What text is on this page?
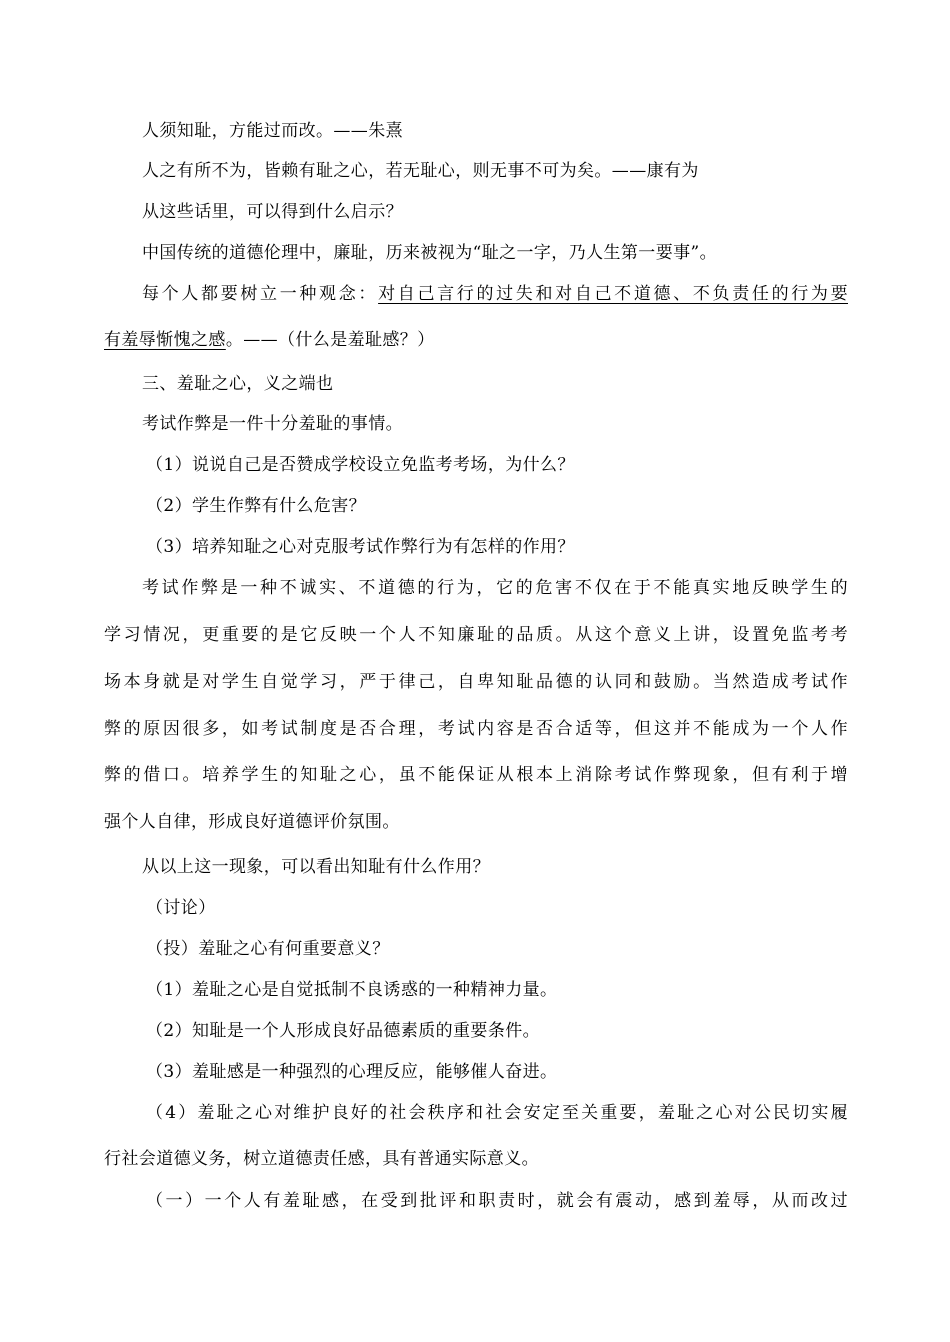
人须知耻，方能过而改。——朱熹
人之有所不为，皆赖有耻之心，若无耻心，则无事不可为矣。——康有为
从这些话里，可以得到什么启示？
中国传统的道德伦理中，廉耻，历来被视为“耻之一字，乃人生第一要事”。
每个人都要树立一种观念：对自己言行的过失和对自己不道德、不负责任的行为要
有羞辱惭愧之感。——（什么是羞耻感？）
三、羞耻之心，义之端也
考试作弊是一件十分羞耻的事情。
（1）说说自己是否赞成学校设立免监考考场，为什么？
（2）学生作弊有什么危害？
（3）培养知耻之心对克服考试作弊行为有怎样的作用？
考试作弊是一种不诚实、不道德的行为，它的危害不仅在于不能真实地反映学生的
学习情况，更重要的是它反映一个人不知廉耻的品质。从这个意义上讲，设置免监考考
场本身就是对学生自觉学习，严于律己，自卑知耻品德的认同和鼓励。当然造成考试作
弊的原因很多，如考试制度是否合理，考试内容是否合适等，但这并不能成为一个人作
弊的借口。培养学生的知耻之心，虽不能保证从根本上消除考试作弊现象，但有利于增
强个人自律，形成良好道德评价氛围。
从以上这一现象，可以看出知耻有什么作用？
（讨论）
（投）羞耻之心有何重要意义？
（1）羞耻之心是自觉抵制不良诱惑的一种精神力量。
（2）知耻是一个人形成良好品德素质的重要条件。
（3）羞耻感是一种强烈的心理反应，能够催人奋进。
（4）羞耻之心对维护良好的社会秩序和社会安定至关重要，羞耻之心对公民切实履
行社会道德义务，树立道德责任感，具有普通实际意义。
（一）一个人有羞耻感，在受到批评和职责时，就会有震动，感到羞辱，从而改过
